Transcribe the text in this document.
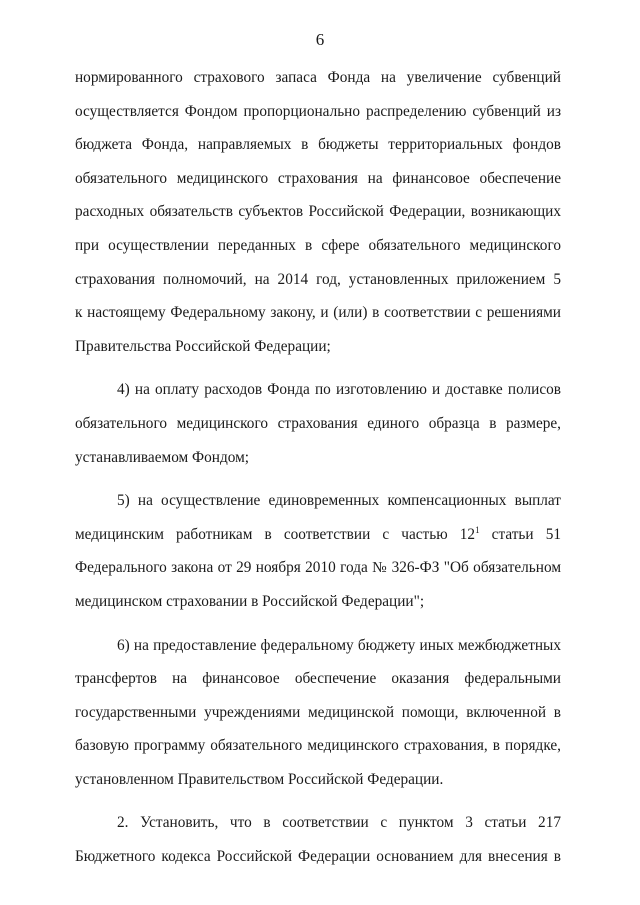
6
нормированного страхового запаса Фонда на увеличение субвенций
осуществляется Фондом пропорционально распределению субвенций из
бюджета Фонда, направляемых в бюджеты территориальных фондов
обязательного медицинского страхования на финансовое обеспечение
расходных обязательств субъектов Российской Федерации, возникающих
при осуществлении переданных в сфере обязательного медицинского
страхования полномочий, на 2014 год, установленных приложением 5
к настоящему Федеральному закону, и (или) в соответствии с решениями
Правительства Российской Федерации;
4) на оплату расходов Фонда по изготовлению и доставке полисов
обязательного медицинского страхования единого образца в размере,
устанавливаемом Фондом;
5) на осуществление единовременных компенсационных выплат
медицинским работникам в соответствии с частью $12^1$ статьи 51
Федерального закона от 29 ноября 2010 года № 326-ФЗ "Об обязательном
медицинском страховании в Российской Федерации";
6) на предоставление федеральному бюджету иных межбюджетных
трансфертов на финансовое обеспечение оказания федеральными
государственными учреждениями медицинской помощи, включенной в
базовую программу обязательного медицинского страхования, в порядке,
установленном Правительством Российской Федерации.
2. Установить, что в соответствии с пунктом 3 статьи 217
Бюджетного кодекса Российской Федерации основанием для внесения в
